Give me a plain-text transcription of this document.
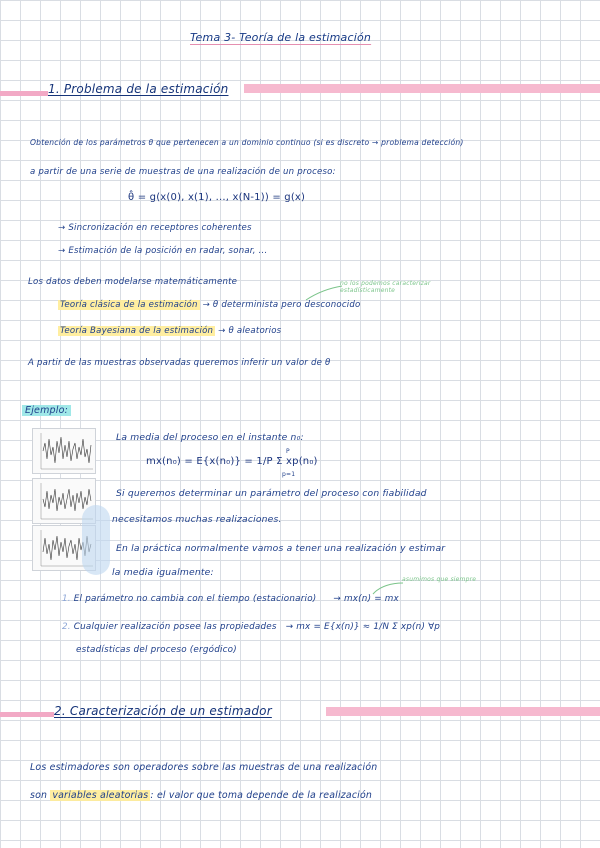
Tema 3- Teoría de la estimación
1. Problema de la estimación
Obtención de los parámetros θ que pertenecen a un dominio continuo (si es discreto → problema detección)
a partir de una serie de muestras de una realización de un proceso:
θ̂ = g(x(0), x(1), ..., x(N-1)) = g(x)
→ Sincronización en receptores coherentes
→ Estimación de la posición en radar, sonar, ...
Los datos deben modelarse matemáticamente	no los podemos caracterizar estadísticamente
Teoría clásica de la estimación → θ determinista pero desconocido
Teoría Bayesiana de la estimación → θ aleatorios
A partir de las muestras observadas queremos inferir un valor de θ
Ejemplo:
La media del proceso en el instante n₀:
mx(n₀) = E{x(n₀)} = 1/P Σ xp(n₀)
P
p=1
Si queremos determinar un parámetro del proceso con fiabilidad
necesitamos muchas realizaciones.
En la práctica normalmente vamos a tener una realización y estimar
la media igualmente:
asumimos que siempre
1. El parámetro no cambia con el tiempo (estacionario) → mx(n) = mx
2. Cualquier realización posee las propiedades → mx = E{x(n)} ≈ 1/N Σ xp(n) ∀p
estadísticas del proceso (ergódico)
2. Caracterización de un estimador
Los estimadores son operadores sobre las muestras de una realización
son variables aleatorias : el valor que toma depende de la realización
